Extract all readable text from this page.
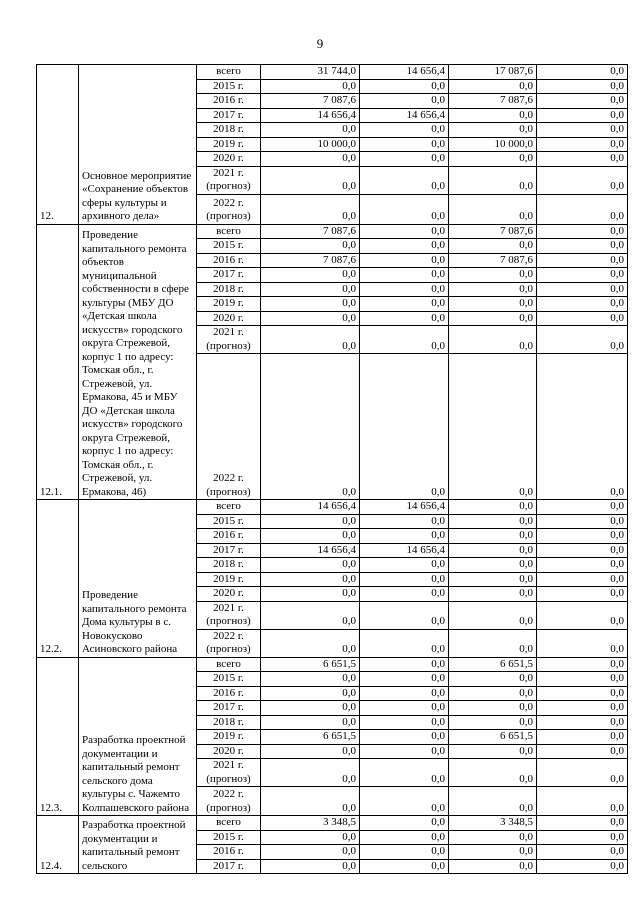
9
12.	Основное мероприятие «Сохранение объектов сферы культуры и архивного дела»	всего	31 744,0	14 656,4	17 087,6	0,0
		2015 г.	0,0	0,0	0,0	0,0
		2016 г.	7 087,6	0,0	7 087,6	0,0
		2017 г.	14 656,4	14 656,4	0,0	0,0
		2018 г.	0,0	0,0	0,0	0,0
		2019 г.	10 000,0	0,0	10 000,0	0,0
		2020 г.	0,0	0,0	0,0	0,0
		2021 г. (прогноз)	0,0	0,0	0,0	0,0
		2022 г. (прогноз)	0,0	0,0	0,0	0,0
12.1.	Проведение капитального ремонта объектов муниципальной собственности в сфере культуры (МБУ ДО «Детская школа искусств» городского округа Стрежевой, корпус 1 по адресу: Томская обл., г. Стрежевой, ул. Ермакова, 45 и МБУ ДО «Детская школа искусств» городского округа Стрежевой, корпус 1 по адресу: Томская обл., г. Стрежевой, ул. Ермакова, 46)	всего	7 087,6	0,0	7 087,6	0,0
		2015 г.	0,0	0,0	0,0	0,0
		2016 г.	7 087,6	0,0	7 087,6	0,0
		2017 г.	0,0	0,0	0,0	0,0
		2018 г.	0,0	0,0	0,0	0,0
		2019 г.	0,0	0,0	0,0	0,0
		2020 г.	0,0	0,0	0,0	0,0
		2021 г. (прогноз)	0,0	0,0	0,0	0,0
		2022 г. (прогноз)	0,0	0,0	0,0	0,0
12.2.	Проведение капитального ремонта Дома культуры в с. Новокусково Асиновского района	всего	14 656,4	14 656,4	0,0	0,0
		2015 г.	0,0	0,0	0,0	0,0
		2016 г.	0,0	0,0	0,0	0,0
		2017 г.	14 656,4	14 656,4	0,0	0,0
		2018 г.	0,0	0,0	0,0	0,0
		2019 г.	0,0	0,0	0,0	0,0
		2020 г.	0,0	0,0	0,0	0,0
		2021 г. (прогноз)	0,0	0,0	0,0	0,0
		2022 г. (прогноз)	0,0	0,0	0,0	0,0
12.3.	Разработка проектной документации и капитальный ремонт сельского дома культуры с. Чажемто Колпашевского района	всего	6 651,5	0,0	6 651,5	0,0
		2015 г.	0,0	0,0	0,0	0,0
		2016 г.	0,0	0,0	0,0	0,0
		2017 г.	0,0	0,0	0,0	0,0
		2018 г.	0,0	0,0	0,0	0,0
		2019 г.	6 651,5	0,0	6 651,5	0,0
		2020 г.	0,0	0,0	0,0	0,0
		2021 г. (прогноз)	0,0	0,0	0,0	0,0
		2022 г. (прогноз)	0,0	0,0	0,0	0,0
12.4.	Разработка проектной документации и капитальный ремонт сельского	всего	3 348,5	0,0	3 348,5	0,0
		2015 г.	0,0	0,0	0,0	0,0
		2016 г.	0,0	0,0	0,0	0,0
		2017 г.	0,0	0,0	0,0	0,0
